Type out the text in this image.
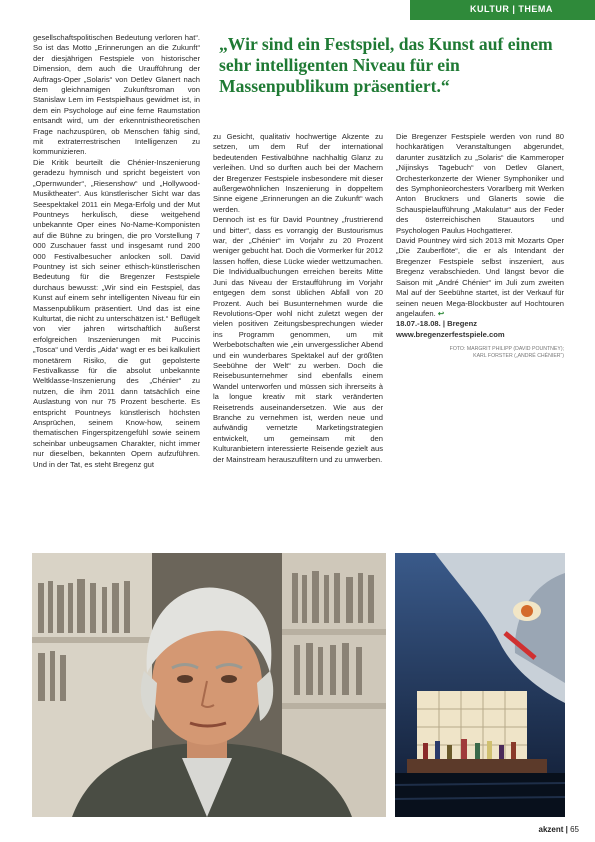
KULTUR | THEMA
„Wir sind ein Festspiel, das Kunst auf einem sehr intelligenten Niveau für ein Massenpublikum präsentiert.“

gesellschaftspolitischen Bedeutung verloren hat“. So ist das Motto „Erinnerungen an die Zukunft“ der diesjährigen Festspiele von historischer Dimension, dem auch die Uraufführung der Auftrags-Oper „Solaris“ von Detlev Glanert nach dem gleichnamigen Zukunftsroman von Stanislaw Lem im Festspielhaus gewidmet ist, in dem ein Psychologe auf eine ferne Raumstation entsandt wird, um der erkenntnistheoretischen Frage nachzuspüren, ob Menschen fähig sind, mit extraterrestrischen Intelligenzen zu kommunizieren.

Die Kritik beurteilt die Chénier-Inszenierung geradezu hymnisch und spricht begeistert von „Opernwunder“, „Riesenshow“ und „Hollywood-Musiktheater“. Aus künstlerischer Sicht war das Seespektakel 2011 ein Mega-Erfolg und der Mut Pountneys herkulisch, diese weitgehend unbekannte Oper eines No-Name-Komponisten auf die Bühne zu bringen, die pro Vorstellung 7 000 Zuschauer fasst und insgesamt rund 200 000 Festivalbesucher anlocken soll. David Pountney ist sich seiner ethisch-künstlerischen Bedeutung für die Bregenzer Festspiele durchaus bewusst: „Wir sind ein Festspiel, das Kunst auf einem sehr intelligenten Niveau für ein Massenpublikum präsentiert. Und das ist eine Kulturtat, die nicht zu unterschätzen ist.“ Beflügelt von vier jahren wirtschaftlich äußerst erfolgreichen Inszenierungen mit Puccinis „Tosca“ und Verdis „Aida“ wagt er es bei kalkuliert monetärem Risiko, die gut gepolsterte Festivalkasse für die absolut unbekannte Weltklasse-Inszenierung des „Chénier“ zu nutzen, die ihm 2011 dann tatsächlich eine Auslastung von nur 75 Prozent bescherte. Es entspricht Pountneys künstlerisch höchsten Ansprüchen, seinem Know-how, seinem thematischen Fingerspitzengefühl sowie seinem scheinbar unbeugsamen Charakter, nicht immer nur dieselben, bekannten Opern aufzuführen. Und in der Tat, es steht Bregenz gut

zu Gesicht, qualitativ hochwertige Akzente zu setzen, um dem Ruf der international bedeutenden Festivalbühne nachhaltig Glanz zu verleihen. Und so durften auch bei der Machern der Bregenzer Festspiele insbesondere mit dieser außergewöhnlichen Inszenierung in doppeltem Sinne eigene „Erinnerungen an die Zukunft“ wach werden.

Dennoch ist es für David Pountney „frustrierend und bitter“, dass es vorrangig der Bustourismus war, der „Chénier“ im Vorjahr zu 20 Prozent weniger gebucht hat. Doch die Vormerker für 2012 lassen hoffen, diese Lücke wieder wettzumachen. Die Individualbuchungen erreichen bereits Mitte Juni das Niveau der Erstaufführung im Vorjahr entgegen dem sonst üblichen Abfall von 20 Prozent. Auch bei Busunternehmen wurde die Revolutions-Oper wohl nicht zuletzt wegen der vielen positiven Zeitungsbesprechungen wieder ins Programm genommen, um mit Werbebotschaften wie „ein unvergesslicher Abend und ein wunderbares Spektakel auf der größten Seebühne der Welt“ zu werben. Doch die Reisebusunternehmer sind ebenfalls einem Wandel unterworfen und müssen sich ihrerseits à la longue kreativ mit stark veränderten Reisetrends auseinandersetzen. Wie aus der Branche zu vernehmen ist, werden neue und aufwändig vernetzte Marketingstrategien entwickelt, um gemeinsam mit den Kulturanbietern interessierte Reisende gezielt aus der Mainstream herauszufiltern und zu umwerben.

Die Bregenzer Festspiele werden von rund 80 hochkarätigen Veranstaltungen abgerundet, darunter zusätzlich zu „Solaris“ die Kammeroper „Nijinskys Tagebuch“ von Detlev Glanert, Orchesterkonzerte der Wiener Symphoniker und des Symphonieorchesters Vorarlberg mit Werken Anton Bruckners und Glanerts sowie die Schauspielaufführung „Makulatur“ aus der Feder des österreichischen Stauautors und Psychologen Paulus Hochgatterer.

David Pountney wird sich 2013 mit Mozarts Oper „Die Zauberflöte“, die er als Intendant der Bregenzer Festspiele selbst inszeniert, aus Bregenz verabschieden. Und längst bevor die Saison mit „André Chénier“ im Juli zum zweiten Mal auf der Seebühne startet, ist der Verkauf für seinen neuen Mega-Blockbuster auf Hochtouren angelaufen. ↩

18.07.-18.08. | Bregenz

www.bregenzerfestspiele.com

FOTO: MARGRIT PHILIPP (DAVID POUNTNEY);
KARL FORSTER („ANDRÉ CHÉNIER“)
akzent | 65
